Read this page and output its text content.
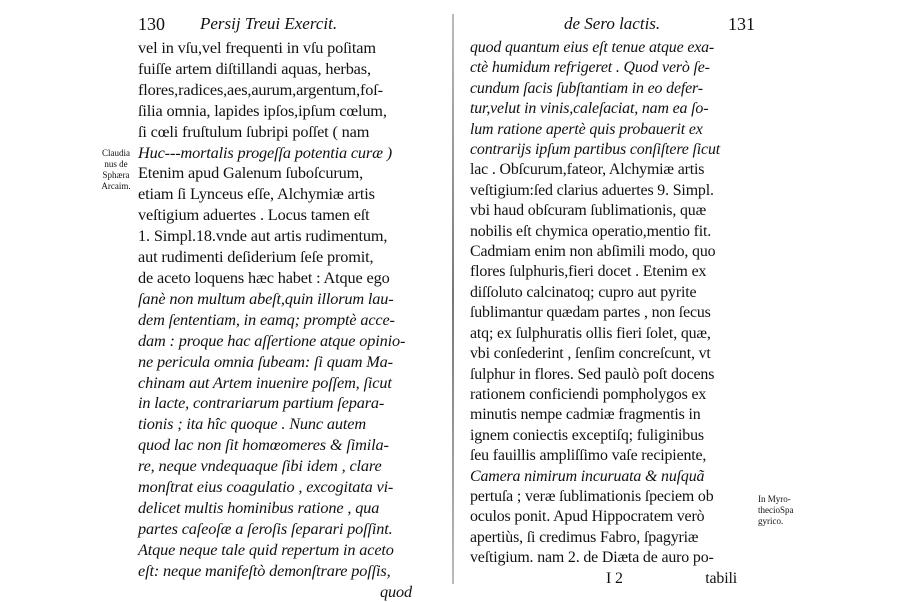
130 Persij Treui Exercit.
vel in vſu,vel frequenti in vſu poſitam
fuiſſe artem diſtillandi aquas, herbas,
flores,radices,aes,aurum,argentum,foſ-
ſilia omnia, lapides ipſos,ipſum cœlum,
ſi cœli fruſtulum ſubripi poſſet ( nam
Huc---mortalis progeſſa potentia curæ )
Etenim apud Galenum ſuboſcurum,
etiam ſi Lynceus eſſe, Alchymiæ artis
veſtigium aduertes . Locus tamen eſt
1. Simpl.18.vnde aut artis rudimentum,
aut rudimenti deſiderium ſeſe promit,
de aceto loquens hæc habet : Atque ego
ſanè non multum abeſt,quin illorum lau-
dem ſententiam, in eamq; promptè acce-
dam : proque hac aſſertione atque opinio-
ne pericula omnia ſubeam: ſi quam Ma-
chinam aut Artem inuenire poſſem, ſicut
in lacte, contrariarum partium ſepara-
tionis ; ita hîc quoque . Nunc autem
quod lac non ſit homœomeres & ſimila-
re, neque vndequaque ſibi idem , clare
monſtrat eius coagulatio , excogitata vi-
delicet multis hominibus ratione , qua
partes caſeoſæ a ſeroſis ſeparari poſſint.
Atque neque tale quid repertum in aceto
eſt: neque manifeſtò demonſtrare poſſis,
quod
Claudia
nus de
Sphæra
Arcaim.
de Sero lactis.	131
quod quantum eius eſt tenue atque exa-
ctè humidum refrigeret . Quod verò ſe-
cundum ſacis ſubſtantiam in eo defer-
tur,velut in vinis,caleſaciat, nam ea ſo-
lum ratione apertè quis probauerit ex
contrarijs ipſum partibus conſiſtere ſicut
lac . Obſcurum,fateor, Alchymiæ artis
veſtigium:ſed clarius aduertes 9. Simpl.
vbi haud obſcuram ſublimationis, quæ
nobilis eſt chymica operatio,mentio fit.
Cadmiam enim non abſimili modo, quo
flores ſulphuris,fieri docet . Etenim ex
diſſoluto calcinatoq; cupro aut pyrite
ſublimantur quædam partes , non ſecus
atq; ex ſulphuratis ollis fieri ſolet, quæ,
vbi conſederint , ſenſim concreſcunt, vt
ſulphur in flores. Sed paulò poſt docens
rationem conficiendi pompholygos ex
minutis nempe cadmiæ fragmentis in
ignem coniectis exceptiſq; fuliginibus
ſeu fauillis ampliſſimo vaſe recipiente,
Camera nimirum incuruata & nuſquã
pertuſa ; veræ ſublimationis ſpeciem ob
oculos ponit. Apud Hippocratem verò
apertiùs, ſi credimus Fabro, ſpagyriæ
veſtigium. nam 2. de Diæta de auro po-
I 2	tabili

In Myro-
thecioSpa
gyrico.
